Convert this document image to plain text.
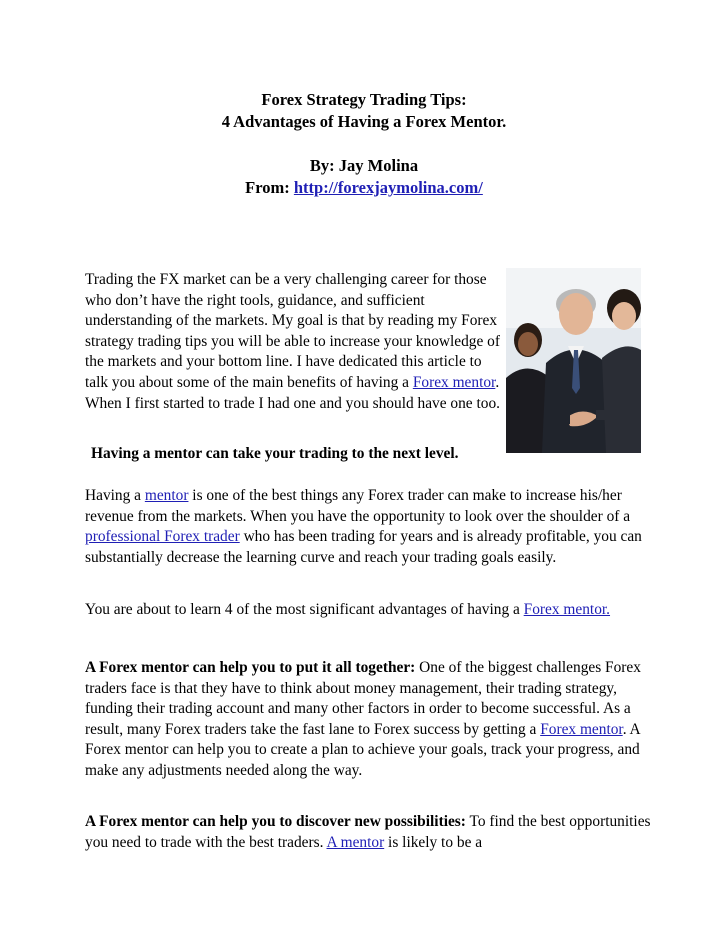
Forex Strategy Trading Tips:
4 Advantages of Having a Forex Mentor.
By: Jay Molina
From: http://forexjaymolina.com/
Trading the FX market can be a very challenging career for those who don’t have the right tools, guidance, and sufficient understanding of the markets. My goal is that by reading my Forex strategy trading tips you will be able to increase your knowledge of the markets and your bottom line. I have dedicated this article to talk you about some of the main benefits of having a Forex mentor. When I first started to trade I had one and you should have one too.
Having a mentor can take your trading to the next level.
Having a mentor is one of the best things any Forex trader can make to increase his/her revenue from the markets. When you have the opportunity to look over the shoulder of a professional Forex trader who has been trading for years and is already profitable, you can substantially decrease the learning curve and reach your trading goals easily.
You are about to learn 4 of the most significant advantages of having a Forex mentor.
A Forex mentor can help you to put it all together: One of the biggest challenges Forex traders face is that they have to think about money management, their trading strategy, funding their trading account and many other factors in order to become successful. As a result, many Forex traders take the fast lane to Forex success by getting a Forex mentor. A Forex mentor can help you to create a plan to achieve your goals, track your progress, and make any adjustments needed along the way.
A Forex mentor can help you to discover new possibilities: To find the best opportunities you need to trade with the best traders. A mentor is likely to be a
